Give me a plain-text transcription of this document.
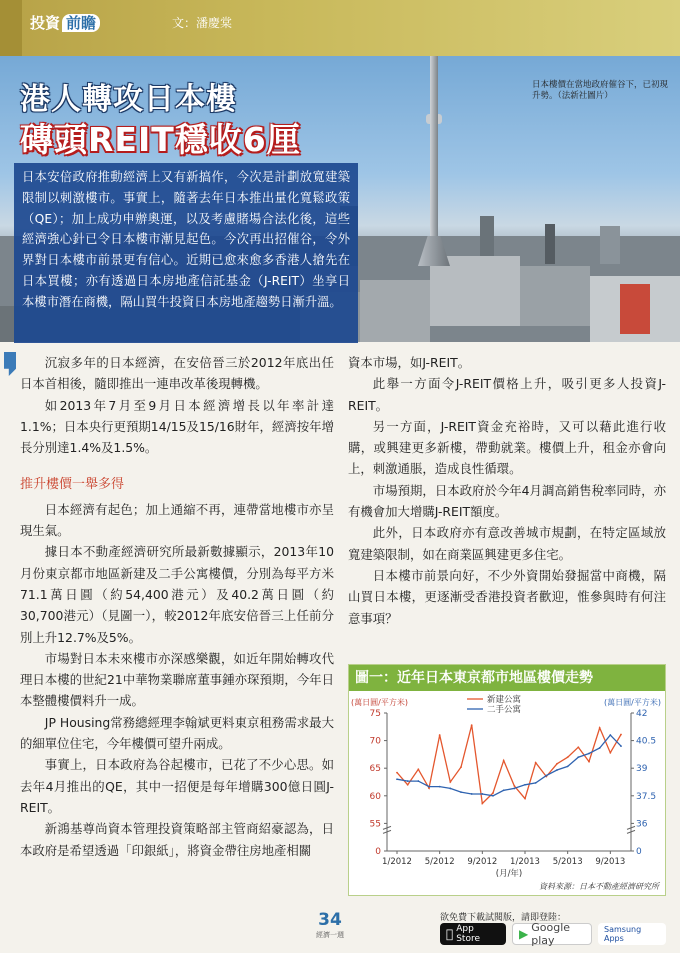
日本樓價在當地政府催谷下，已初現升勢。（法新社圖片）
投資 前瞻	文：潘慶棠
港人轉攻日本樓
磚頭REIT穩收6厘
日本安倍政府推動經濟上又有新搞作，今次是計劃放寬建築限制以刺激樓市。事實上，隨著去年日本推出量化寬鬆政策（QE）；加上成功申辦奧運，以及考慮賭場合法化後，這些經濟強心針已令日本樓市漸見起色。今次再出招催谷，令外界對日本樓市前景更有信心。近期已愈來愈多香港人搶先在日本買樓；亦有透過日本房地產信託基金（J-REIT）坐享日本樓市潛在商機，隔山買牛投資日本房地產趨勢日漸升溫。

沉寂多年的日本經濟，在安倍晉三於2012年底出任日本首相後，隨即推出一連串改革後現轉機。

如2013年7月至9月日本經濟增長以年率計達1.1%；日本央行更預期14/15及15/16財年，經濟按年增長分別達1.4%及1.5%。

推升樓價一舉多得

日本經濟有起色；加上通縮不再，連帶當地樓市亦呈現生氣。

據日本不動產經濟研究所最新數據顯示，2013年10月份東京都市地區新建及二手公寓樓價，分別為每平方米71.1萬日圓（約54,400港元）及40.2萬日圓（約30,700港元）（見圖一），較2012年底安倍晉三上任前分別上升12.7%及5%。

市場對日本未來樓市亦深感樂觀，如近年開始轉攻代理日本樓的世紀21中華物業聯席董事鍾亦琛預期，今年日本整體樓價料升一成。

JP Housing常務總經理李翰斌更料東京租務需求最大的細單位住宅，今年樓價可望升兩成。

事實上，日本政府為谷起樓市，已花了不少心思。如去年4月推出的QE，其中一招便是每年增購300億日圓J-REIT。

新鴻基尊尚資本管理投資策略部主管商紹豪認為，日本政府是希望透過「印銀紙」，將資金帶往房地產相關

資本市場，如J-REIT。

此舉一方面令J-REIT價格上升，吸引更多人投資J-REIT。

另一方面，J-REIT資金充裕時，又可以藉此進行收購，或興建更多新樓，帶動就業。樓價上升，租金亦會向上，刺激通脹，造成良性循環。

市場預期，日本政府於今年4月調高銷售稅率同時，亦有機會加大增購J-REIT額度。

此外，日本政府亦有意改善城市規劃，在特定區域放寬建築限制，如在商業區興建更多住宅。

日本樓市前景向好，不少外資開始發掘當中商機，隔山買日本樓，更逐漸受香港投資者歡迎，惟參與時有何注意事項？

圖一：近年日本東京都市地區樓價走勢
0
55
60
65
70
75
0
36
37.5
39
40.5
42
(萬日圓/平方米)	(萬日圓/平方米)
1/2012 5/2012 9/2012 1/2013 5/2013 9/2013
(月/年)
新建公寓
二手公寓
資料來源：日本不動產經濟研究所
34
經濟一週
欲免費下載試閱版，請即登陸：
App Store ▶ Google play
Samsung Apps
